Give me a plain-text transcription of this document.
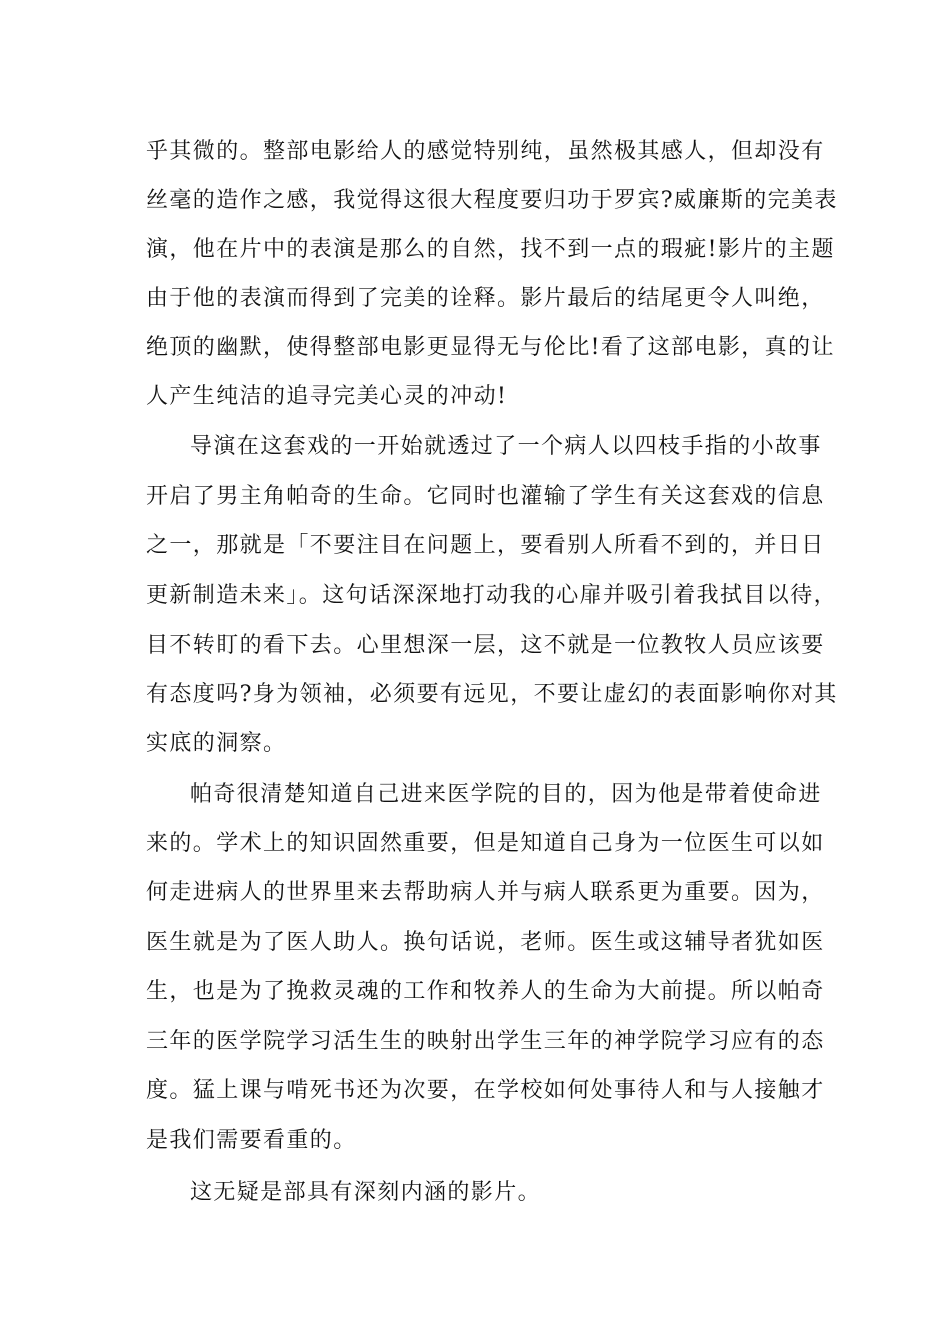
乎其微的。整部电影给人的感觉特别纯，虽然极其感人，但却没有
丝毫的造作之感，我觉得这很大程度要归功于罗宾?威廉斯的完美表
演，他在片中的表演是那么的自然，找不到一点的瑕疵!影片的主题
由于他的表演而得到了完美的诠释。影片最后的结尾更令人叫绝，
绝顶的幽默，使得整部电影更显得无与伦比!看了这部电影，真的让
人产生纯洁的追寻完美心灵的冲动!
导演在这套戏的一开始就透过了一个病人以四枝手指的小故事
开启了男主角帕奇的生命。它同时也灌输了学生有关这套戏的信息
之一，那就是「不要注目在问题上，要看别人所看不到的，并日日
更新制造未来」。这句话深深地打动我的心扉并吸引着我拭目以待，
目不转盯的看下去。心里想深一层，这不就是一位教牧人员应该要
有态度吗?身为领袖，必须要有远见，不要让虚幻的表面影响你对其
实底的洞察。
帕奇很清楚知道自己进来医学院的目的，因为他是带着使命进
来的。学术上的知识固然重要，但是知道自己身为一位医生可以如
何走进病人的世界里来去帮助病人并与病人联系更为重要。因为，
医生就是为了医人助人。换句话说，老师。医生或这辅导者犹如医
生，也是为了挽救灵魂的工作和牧养人的生命为大前提。所以帕奇
三年的医学院学习活生生的映射出学生三年的神学院学习应有的态
度。猛上课与啃死书还为次要，在学校如何处事待人和与人接触才
是我们需要看重的。
这无疑是部具有深刻内涵的影片。
